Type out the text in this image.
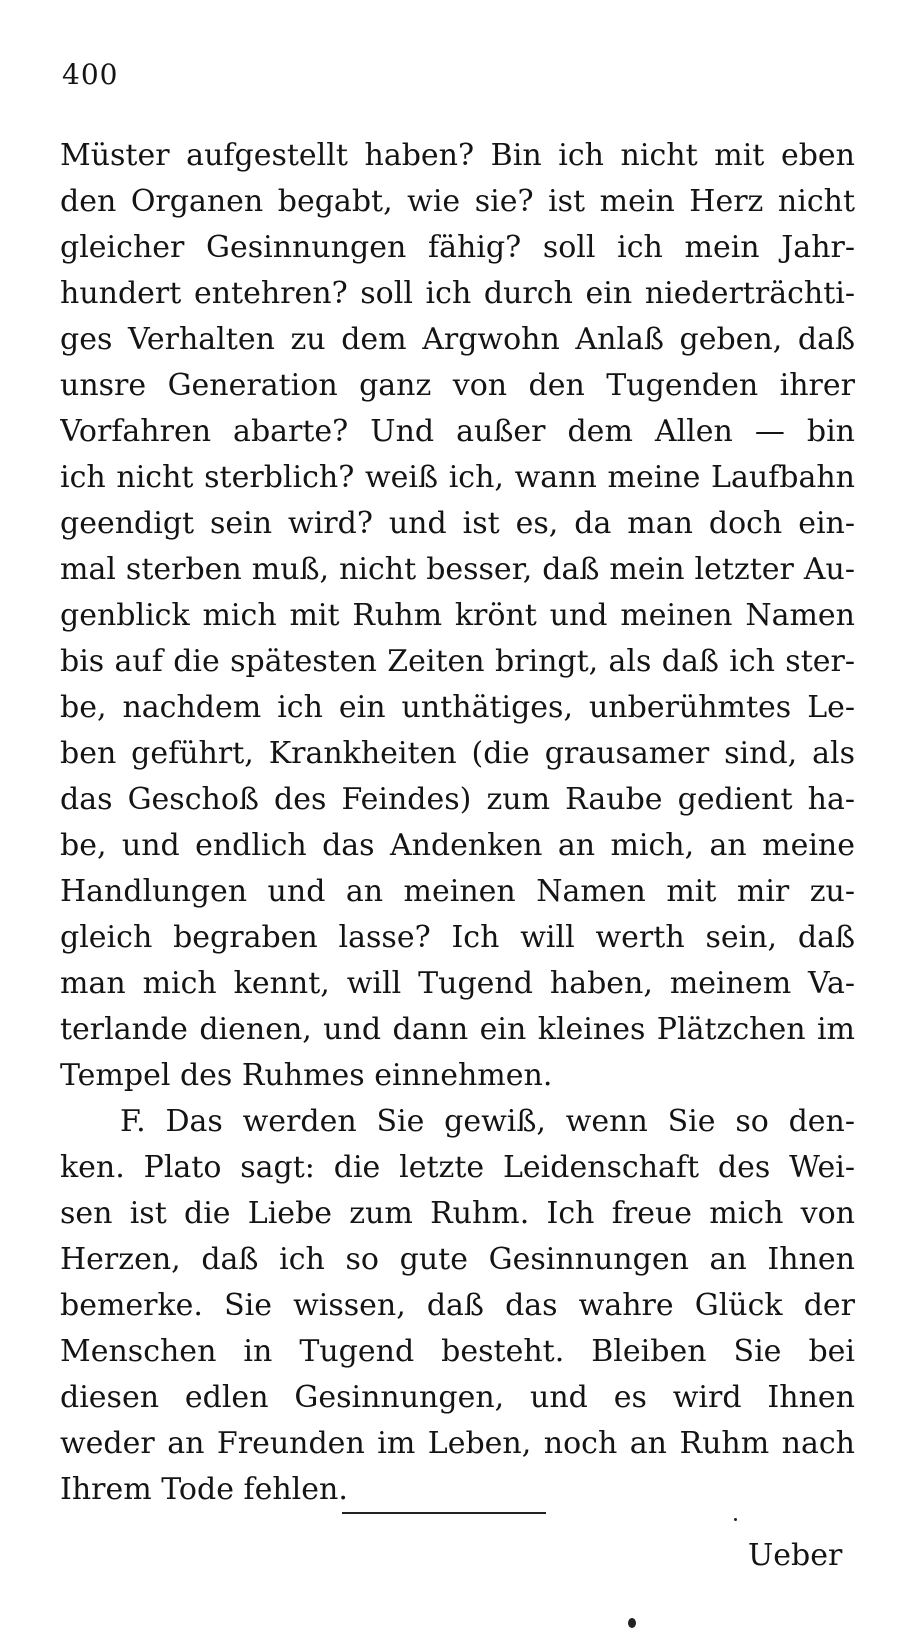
400
Müster aufgestellt haben? Bin ich nicht mit eben
den Organen begabt, wie sie? ist mein Herz nicht
gleicher Gesinnungen fähig? soll ich mein Jahr-
hundert entehren? soll ich durch ein niederträchti-
ges Verhalten zu dem Argwohn Anlaß geben, daß
unsre Generation ganz von den Tugenden ihrer
Vorfahren abarte? Und außer dem Allen — bin
ich nicht sterblich? weiß ich, wann meine Laufbahn
geendigt sein wird? und ist es, da man doch ein-
mal sterben muß, nicht besser, daß mein letzter Au-
genblick mich mit Ruhm krönt und meinen Namen
bis auf die spätesten Zeiten bringt, als daß ich ster-
be, nachdem ich ein unthätiges, unberühmtes Le-
ben geführt, Krankheiten (die grausamer sind, als
das Geschoß des Feindes) zum Raube gedient ha-
be, und endlich das Andenken an mich, an meine
Handlungen und an meinen Namen mit mir zu-
gleich begraben lasse? Ich will werth sein, daß
man mich kennt, will Tugend haben, meinem Va-
terlande dienen, und dann ein kleines Plätzchen im
Tempel des Ruhmes einnehmen.
F. Das werden Sie gewiß, wenn Sie so den-
ken. Plato sagt: die letzte Leidenschaft des Wei-
sen ist die Liebe zum Ruhm. Ich freue mich von
Herzen, daß ich so gute Gesinnungen an Ihnen
bemerke. Sie wissen, daß das wahre Glück der
Menschen in Tugend besteht. Bleiben Sie bei
diesen edlen Gesinnungen, und es wird Ihnen
weder an Freunden im Leben, noch an Ruhm nach
Ihrem Tode fehlen.
Ueber
